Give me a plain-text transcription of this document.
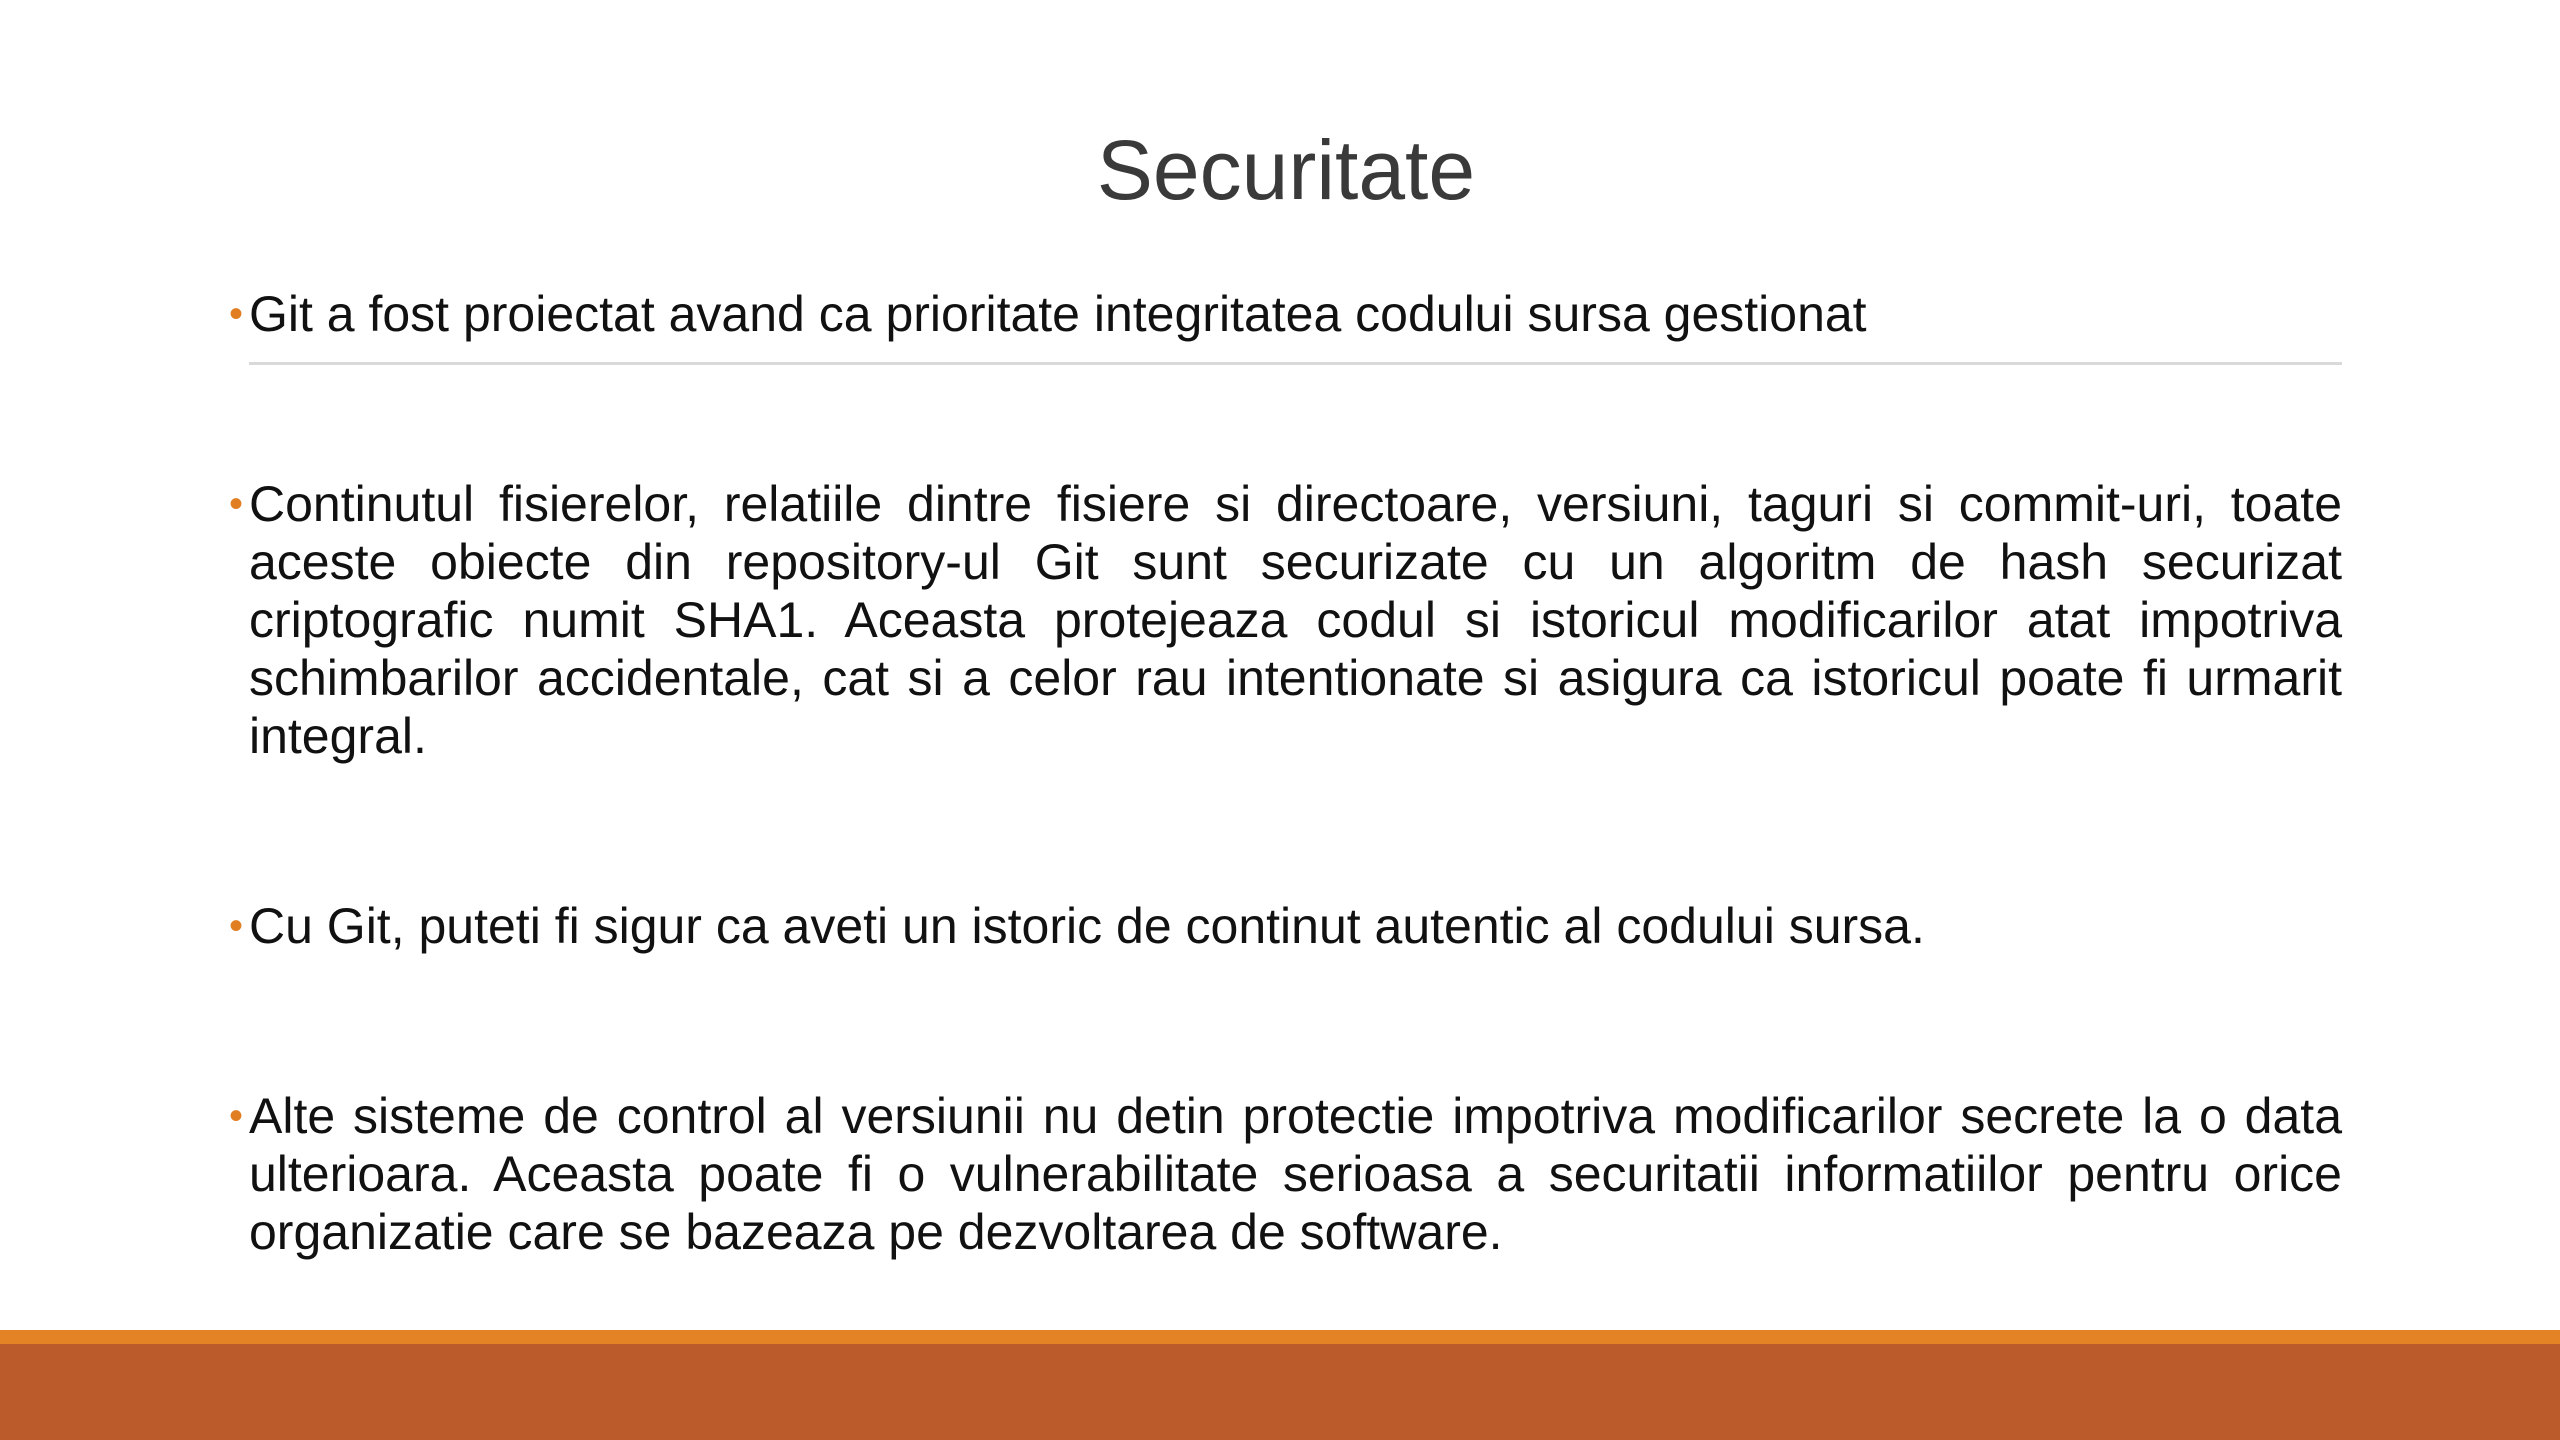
Securitate
• Git a fost proiectat avand ca prioritate integritatea codului sursa gestionat
• Continutul fisierelor, relatiile dintre fisiere si directoare, versiuni, taguri si commit-uri, toate aceste obiecte din repository-ul Git sunt securizate cu un algoritm de hash securizat criptografic numit SHA1. Aceasta protejeaza codul si istoricul modificarilor atat impotriva schimbarilor accidentale, cat si a celor rau intentionate si asigura ca istoricul poate fi urmarit integral.
• Cu Git, puteti fi sigur ca aveti un istoric de continut autentic al codului sursa.
• Alte sisteme de control al versiunii nu detin protectie impotriva modificarilor secrete la o data ulterioara. Aceasta poate fi o vulnerabilitate serioasa a securitatii informatiilor pentru orice organizatie care se bazeaza pe dezvoltarea de software.
